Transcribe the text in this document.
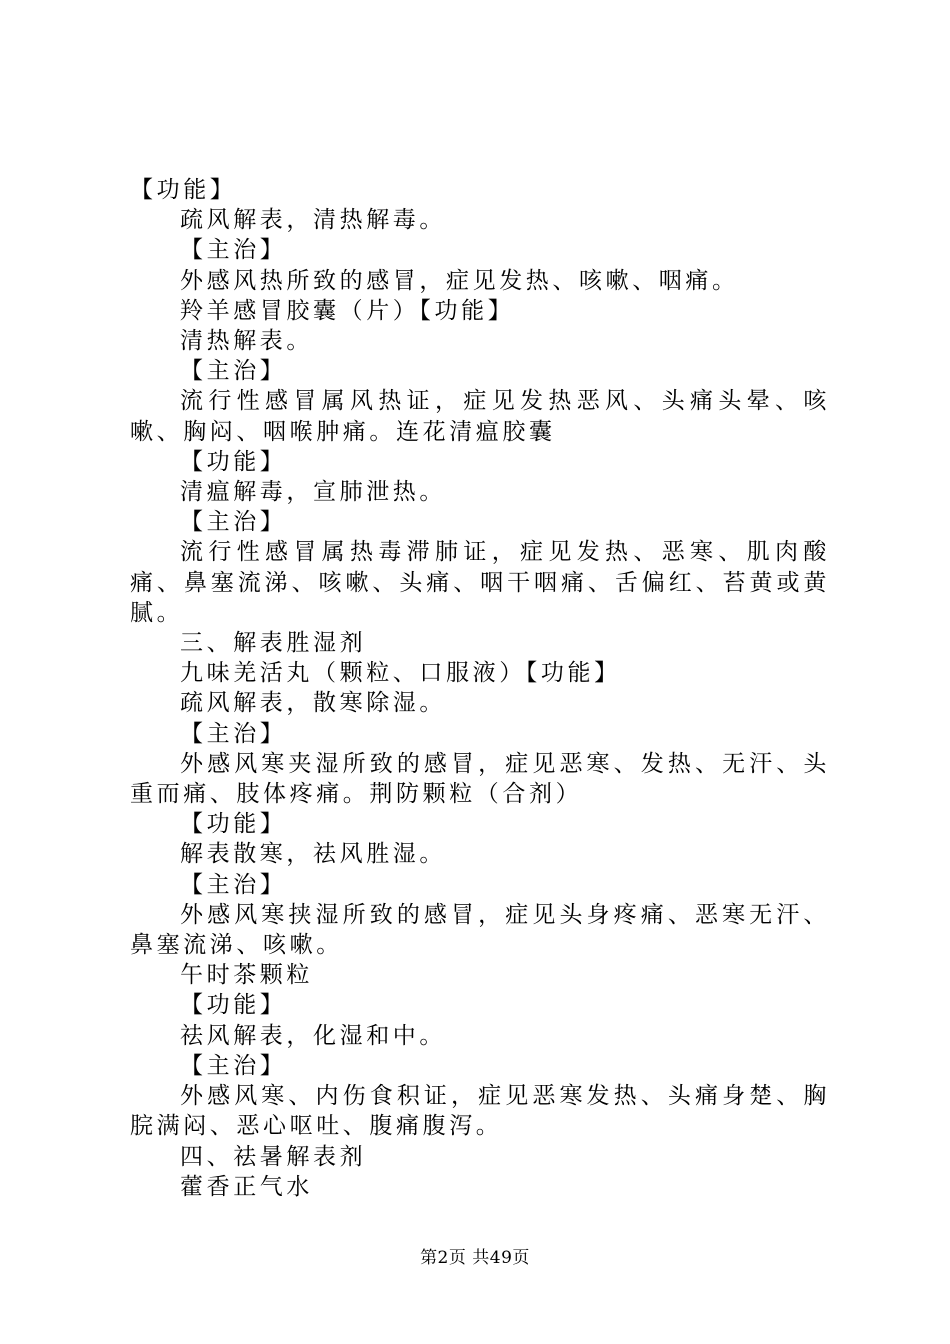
【功能】

疏风解表，清热解毒。

【主治】

外感风热所致的感冒，症见发热、咳嗽、咽痛。

羚羊感冒胶囊（片）【功能】

清热解表。

【主治】

流行性感冒属风热证，症见发热恶风、头痛头晕、咳嗽、胸闷、咽喉肿痛。连花清瘟胶囊

【功能】

清瘟解毒，宣肺泄热。

【主治】

流行性感冒属热毒滞肺证，症见发热、恶寒、肌肉酸痛、鼻塞流涕、咳嗽、头痛、咽干咽痛、舌偏红、苔黄或黄腻。

三、解表胜湿剂

九味羌活丸（颗粒、口服液）【功能】

疏风解表，散寒除湿。

【主治】

外感风寒夹湿所致的感冒，症见恶寒、发热、无汗、头重而痛、肢体疼痛。荆防颗粒（合剂）

【功能】

解表散寒，祛风胜湿。

【主治】

外感风寒挟湿所致的感冒，症见头身疼痛、恶寒无汗、鼻塞流涕、咳嗽。

午时茶颗粒

【功能】

祛风解表，化湿和中。

【主治】

外感风寒、内伤食积证，症见恶寒发热、头痛身楚、胸脘满闷、恶心呕吐、腹痛腹泻。

四、祛暑解表剂

藿香正气水

第2页 共49页
